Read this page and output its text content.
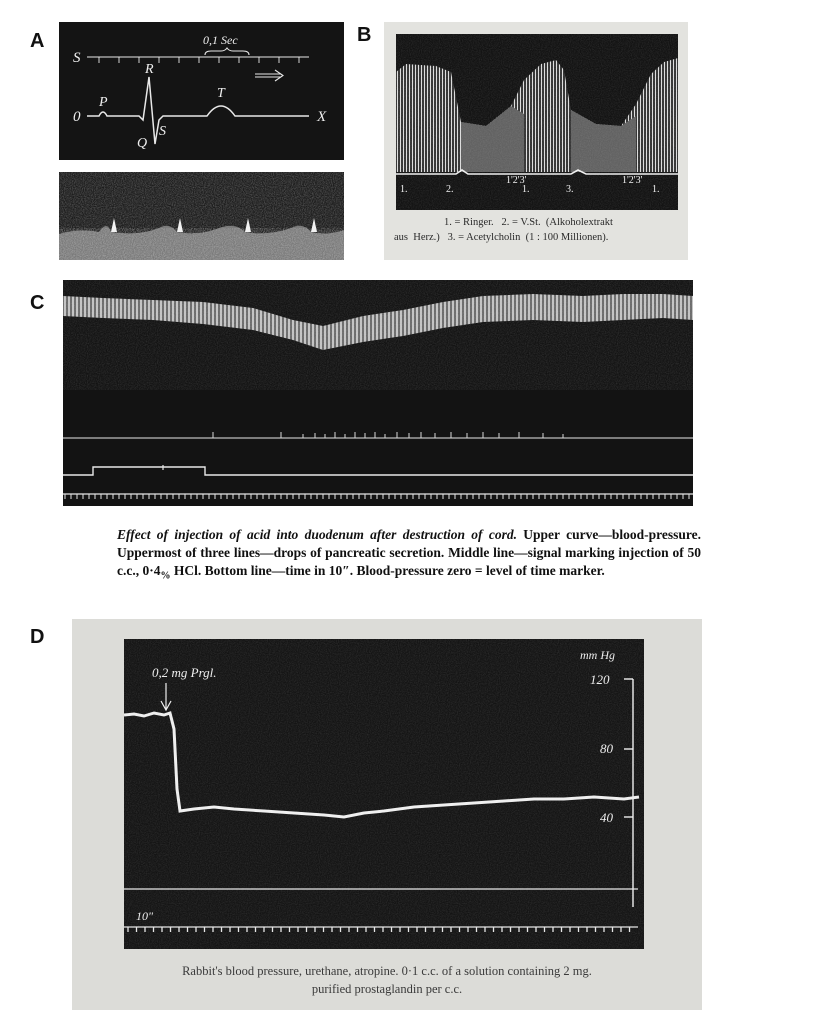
A
S
0,1 Sec
0	X
P
R
Q
S
T
B
1.	2.
1'2'3'
1.	3.
1'2'3'
1.
1. = Ringer.   2. = V.St.  (Alkoholextrakt
aus  Herz.)   3. = Acetylcholin  (1 : 100 Millionen).
C
Effect of injection of acid into duodenum after destruction of cord. Upper curve—blood-pressure. Uppermost of three lines—drops of pancreatic secretion. Middle line—signal marking injection of 50 c.c., $0\cdot 4_{\%}$ HCl. Bottom line—time in 10″. Blood-pressure zero = level of time marker.
D
0,2 mg Prgl.
mm Hg
120
80
40
10"
Rabbit's blood pressure, urethane, atropine. 0·1 c.c. of a solution containing 2 mg.
purified prostaglandin per c.c.
